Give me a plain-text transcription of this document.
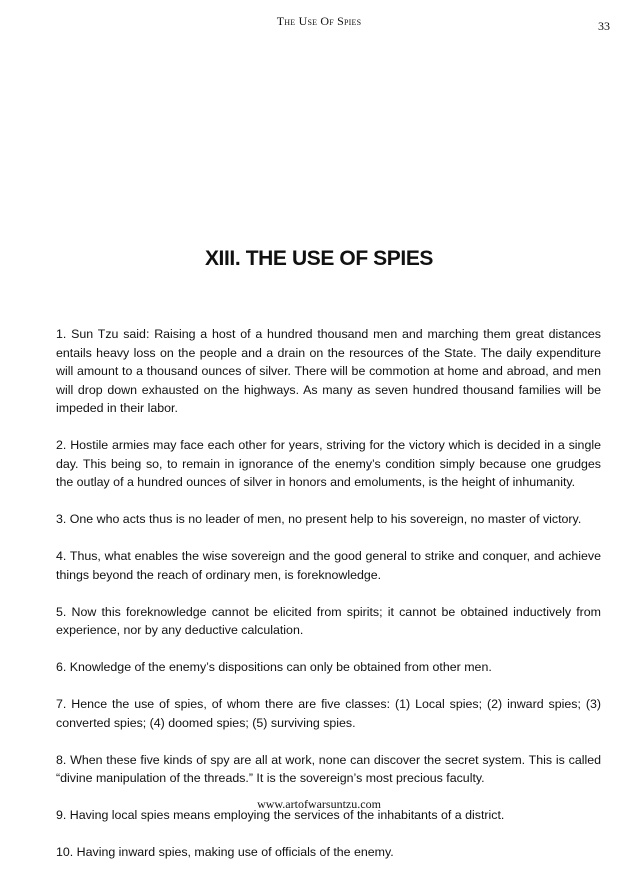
The Use Of Spies	33
XIII. THE USE OF SPIES

1. Sun Tzu said: Raising a host of a hundred thousand men and marching them great distances entails heavy loss on the people and a drain on the resources of the State. The daily expenditure will amount to a thousand ounces of silver. There will be commotion at home and abroad, and men will drop down exhausted on the highways. As many as seven hundred thousand families will be impeded in their labor.

2. Hostile armies may face each other for years, striving for the victory which is decided in a single day. This being so, to remain in ignorance of the enemy’s condition simply because one grudges the outlay of a hundred ounces of silver in honors and emoluments, is the height of inhumanity.

3. One who acts thus is no leader of men, no present help to his sovereign, no master of victory.

4. Thus, what enables the wise sovereign and the good general to strike and conquer, and achieve things beyond the reach of ordinary men, is foreknowledge.

5. Now this foreknowledge cannot be elicited from spirits; it cannot be obtained inductively from experience, nor by any deductive calculation.

6. Knowledge of the enemy’s dispositions can only be obtained from other men.

7. Hence the use of spies, of whom there are five classes: (1) Local spies; (2) inward spies; (3) converted spies; (4) doomed spies; (5) surviving spies.

8. When these five kinds of spy are all at work, none can discover the secret system. This is called “divine manipulation of the threads.” It is the sovereign’s most precious faculty.

9. Having local spies means employing the services of the inhabitants of a district.

10. Having inward spies, making use of officials of the enemy.

www.artofwarsuntzu.com
